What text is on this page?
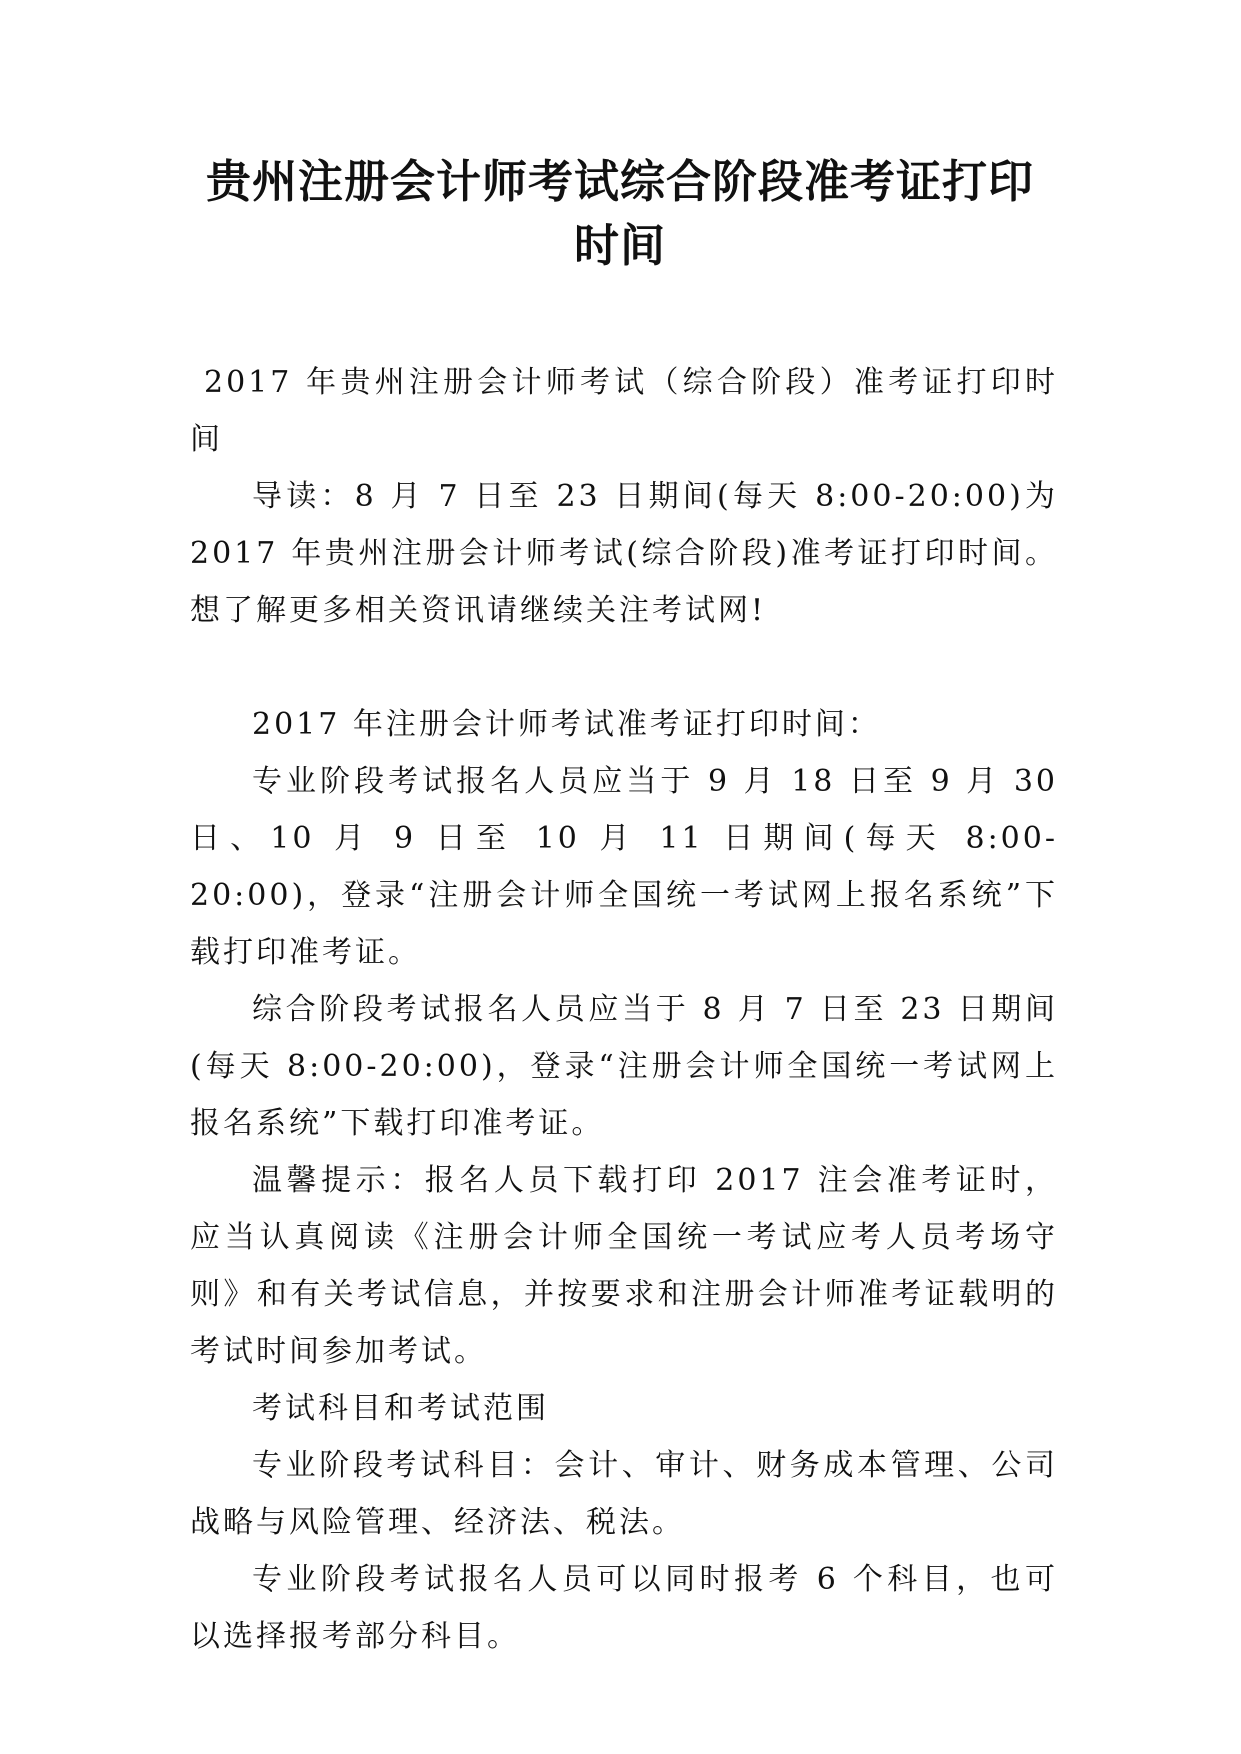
贵州注册会计师考试综合阶段准考证打印时间

2017 年贵州注册会计师考试（综合阶段）准考证打印时间

导读：8 月 7 日至 23 日期间(每天 8:00-20:00)为 2017 年贵州注册会计师考试(综合阶段)准考证打印时间。想了解更多相关资讯请继续关注考试网!

2017 年注册会计师考试准考证打印时间：

专业阶段考试报名人员应当于 9 月 18 日至 9 月 30 日、10 月 9 日至 10 月 11 日期间(每天 8:00-20:00)，登录“注册会计师全国统一考试网上报名系统”下载打印准考证。

综合阶段考试报名人员应当于 8 月 7 日至 23 日期间(每天 8:00-20:00)，登录“注册会计师全国统一考试网上报名系统”下载打印准考证。

温馨提示：报名人员下载打印 2017 注会准考证时，应当认真阅读《注册会计师全国统一考试应考人员考场守则》和有关考试信息，并按要求和注册会计师准考证载明的考试时间参加考试。

考试科目和考试范围

专业阶段考试科目：会计、审计、财务成本管理、公司战略与风险管理、经济法、税法。

专业阶段考试报名人员可以同时报考 6 个科目，也可以选择报考部分科目。
